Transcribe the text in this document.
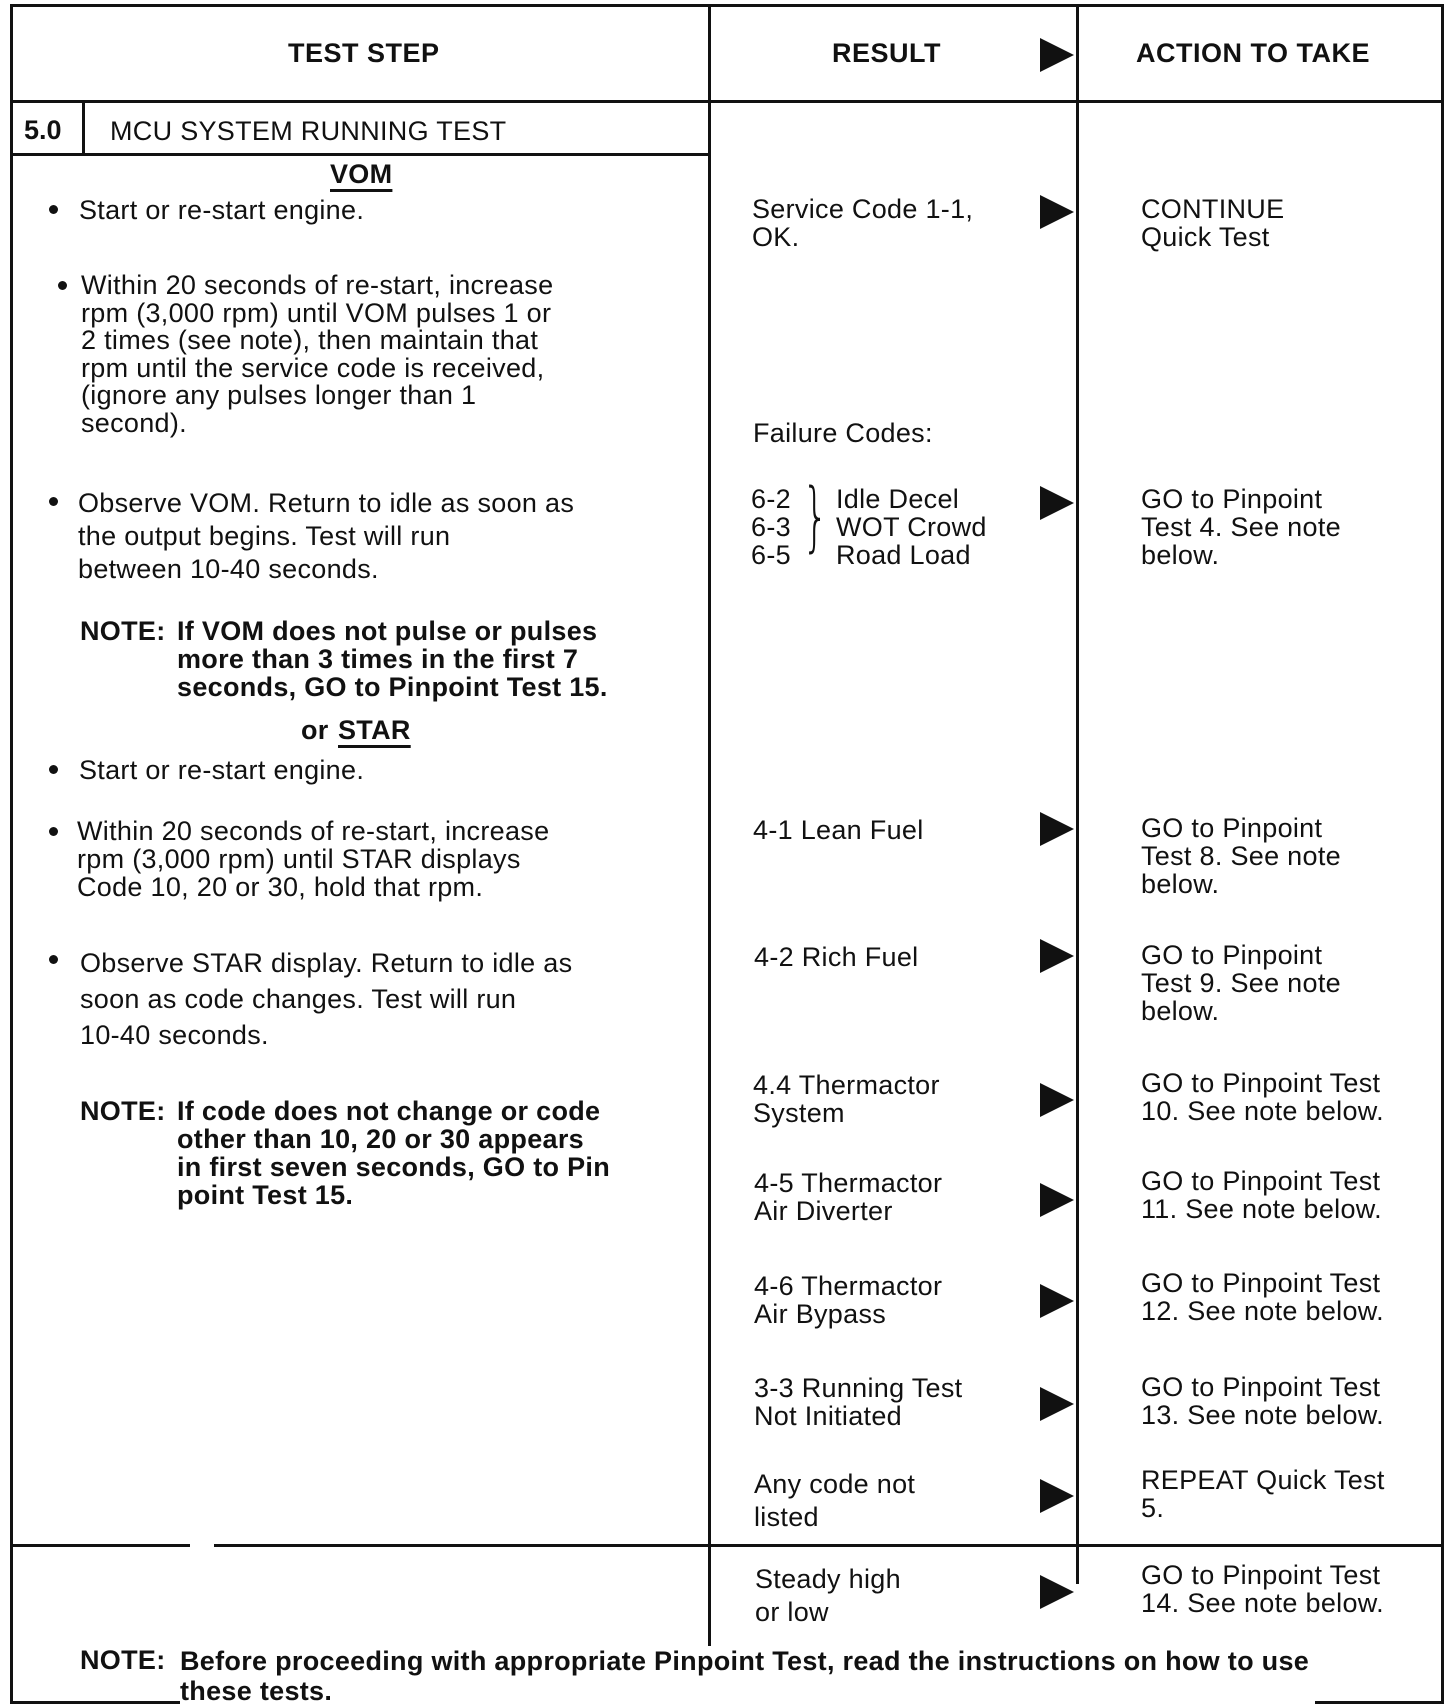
TEST STEP	RESULT	ACTION TO TAKE
5.0 MCU SYSTEM RUNNING TEST
VOM
Start or re-start engine.
Within 20 seconds of re-start, increase
rpm (3,000 rpm) until VOM pulses 1 or
2 times (see note), then maintain that
rpm until the service code is received,
(ignore any pulses longer than 1
second).
Observe VOM. Return to idle as soon as
the output begins. Test will run
between 10-40 seconds.
NOTE: If VOM does not pulse or pulses
more than 3 times in the first 7
seconds, GO to Pinpoint Test 15.
or STAR
Start or re-start engine.
Within 20 seconds of re-start, increase
rpm (3,000 rpm) until STAR displays
Code 10, 20 or 30, hold that rpm.
Observe STAR display. Return to idle as
soon as code changes. Test will run
10-40 seconds.
NOTE: If code does not change or code
other than 10, 20 or 30 appears
in first seven seconds, GO to Pin
point Test 15.
Service Code 1-1,
OK.
Failure Codes:
6-2
6-3
6-5 } Idle Decel
WOT Crowd
Road Load
4-1 Lean Fuel
4-2 Rich Fuel
4.4 Thermactor
System
4-5 Thermactor
Air Diverter
4-6 Thermactor
Air Bypass
3-3 Running Test
Not Initiated
Any code not
listed
Steady high
or low
CONTINUE
Quick Test
GO to Pinpoint
Test 4. See note
below.
GO to Pinpoint
Test 8. See note
below.
GO to Pinpoint
Test 9. See note
below.
GO to Pinpoint Test
10. See note below.
GO to Pinpoint Test
11. See note below.
GO to Pinpoint Test
12. See note below.
GO to Pinpoint Test
13. See note below.
REPEAT Quick Test
5.
GO to Pinpoint Test
14. See note below.
NOTE: Before proceeding with appropriate Pinpoint Test, read the instructions on how to use
these tests.
